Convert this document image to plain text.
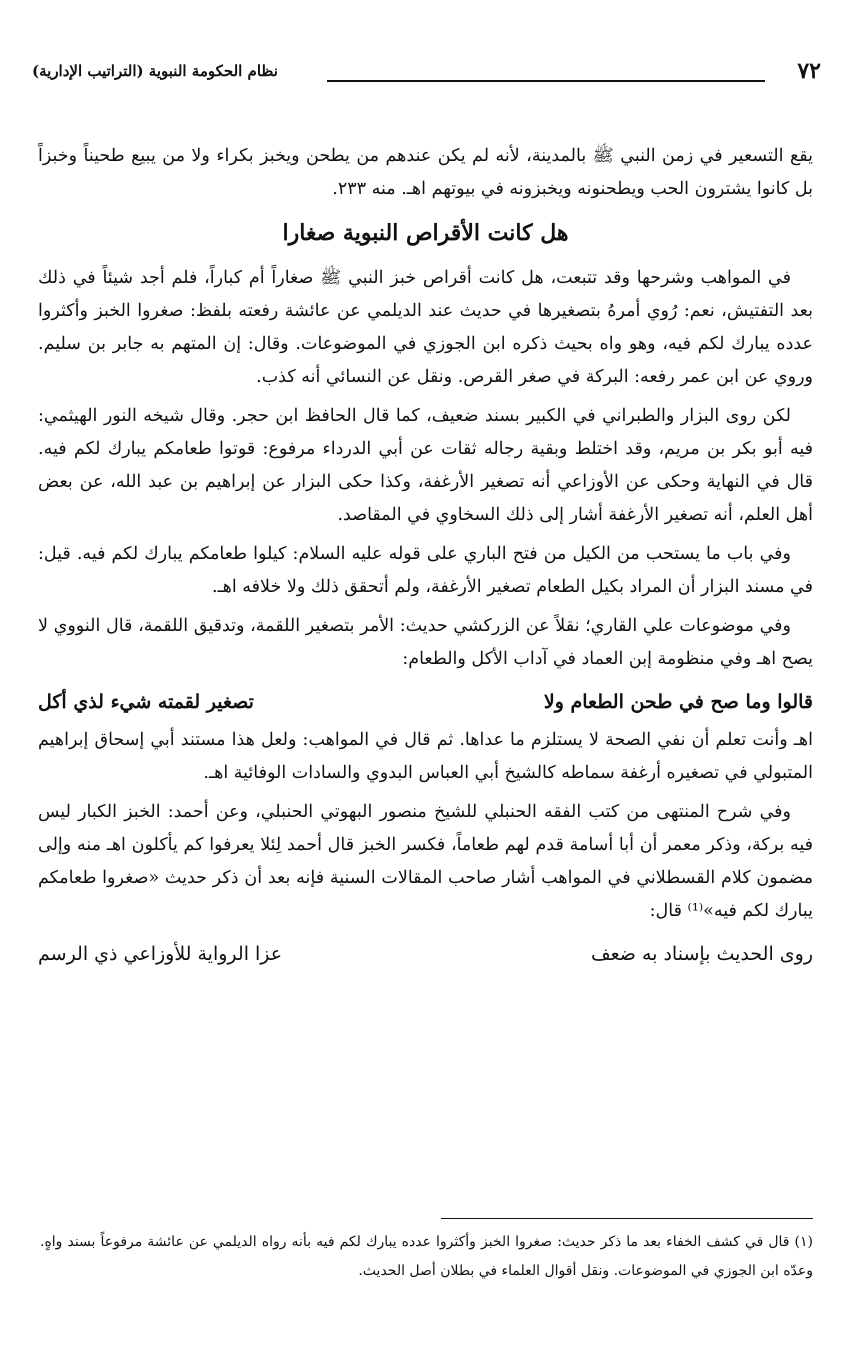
٧٢
نظام الحكومة النبوية (التراتيب الإدارية)

يقع التسعير في زمن النبي ﷺ بالمدينة، لأنه لم يكن عندهم من يطحن ويخبز بكراء ولا من يبيع طحيناً وخبزاً بل كانوا يشترون الحب ويطحنونه ويخبزونه في بيوتهم اهـ. منه ٢٣٣.

هل كانت الأقراص النبوية صغارا

في المواهب وشرحها وقد تتبعت، هل كانت أقراص خبز النبي ﷺ صغاراً أم كباراً، فلم أجد شيئاً في ذلك بعد التفتيش، نعم: رُوي أمرهُ بتصغيرها في حديث عند الديلمي عن عائشة رفعته بلفظ: صغروا الخبز وأكثروا عدده يبارك لكم فيه، وهو واه بحيث ذكره ابن الجوزي في الموضوعات. وقال: إن المتهم به جابر بن سليم. وروي عن ابن عمر رفعه: البركة في صغر القرص. ونقل عن النسائي أنه كذب.

لكن روى البزار والطبراني في الكبير بسند ضعيف، كما قال الحافظ ابن حجر. وقال شيخه النور الهيثمي: فيه أبو بكر بن مريم، وقد اختلط وبقية رجاله ثقات عن أبي الدرداء مرفوع: قوتوا طعامكم يبارك لكم فيه. قال في النهاية وحكى عن الأوزاعي أنه تصغير الأرغفة، وكذا حكى البزار عن إبراهيم بن عبد الله، عن بعض أهل العلم، أنه تصغير الأرغفة أشار إلى ذلك السخاوي في المقاصد.

وفي باب ما يستحب من الكيل من فتح الباري على قوله عليه السلام: كيلوا طعامكم يبارك لكم فيه. قيل: في مسند البزار أن المراد بكيل الطعام تصغير الأرغفة، ولم أتحقق ذلك ولا خلافه اهـ.

وفي موضوعات علي القاري؛ نقلاً عن الزركشي حديث: الأمر بتصغير اللقمة، وتدقيق اللقمة، قال النووي لا يصح اهـ وفي منظومة إبن العماد في آداب الأكل والطعام:

قالوا وما صح في طحن الطعام ولا
تصغير لقمته شيء لذي أكل

اهـ وأنت تعلم أن نفي الصحة لا يستلزم ما عداها. ثم قال في المواهب: ولعل هذا مستند أبي إسحاق إبراهيم المتبولي في تصغيره أرغفة سماطه كالشيخ أبي العباس البدوي والسادات الوفائية اهـ.

وفي شرح المنتهى من كتب الفقه الحنبلي للشيخ منصور البهوتي الحنبلي، وعن أحمد: الخبز الكبار ليس فيه بركة، وذكر معمر أن أبا أسامة قدم لهم طعاماً، فكسر الخبز قال أحمد لِئلا يعرفوا كم يأكلون اهـ منه وإلى مضمون كلام القسطلاني في المواهب أشار صاحب المقالات السنية فإنه بعد أن ذكر حديث «صغروا طعامكم يبارك لكم فيه»⁽¹⁾ قال:

روى الحديث بإسناد به ضعف
عزا الرواية للأوزاعي ذي الرسم

(١) قال في كشف الخفاء بعد ما ذكر حديث: صغروا الخبز وأكثروا عدده يبارك لكم فيه بأنه رواه الديلمي عن عائشة مرفوعاً بسند واهٍ. وعدّه ابن الجوزي في الموضوعات. ونقل أقوال العلماء في بطلان أصل الحديث.
